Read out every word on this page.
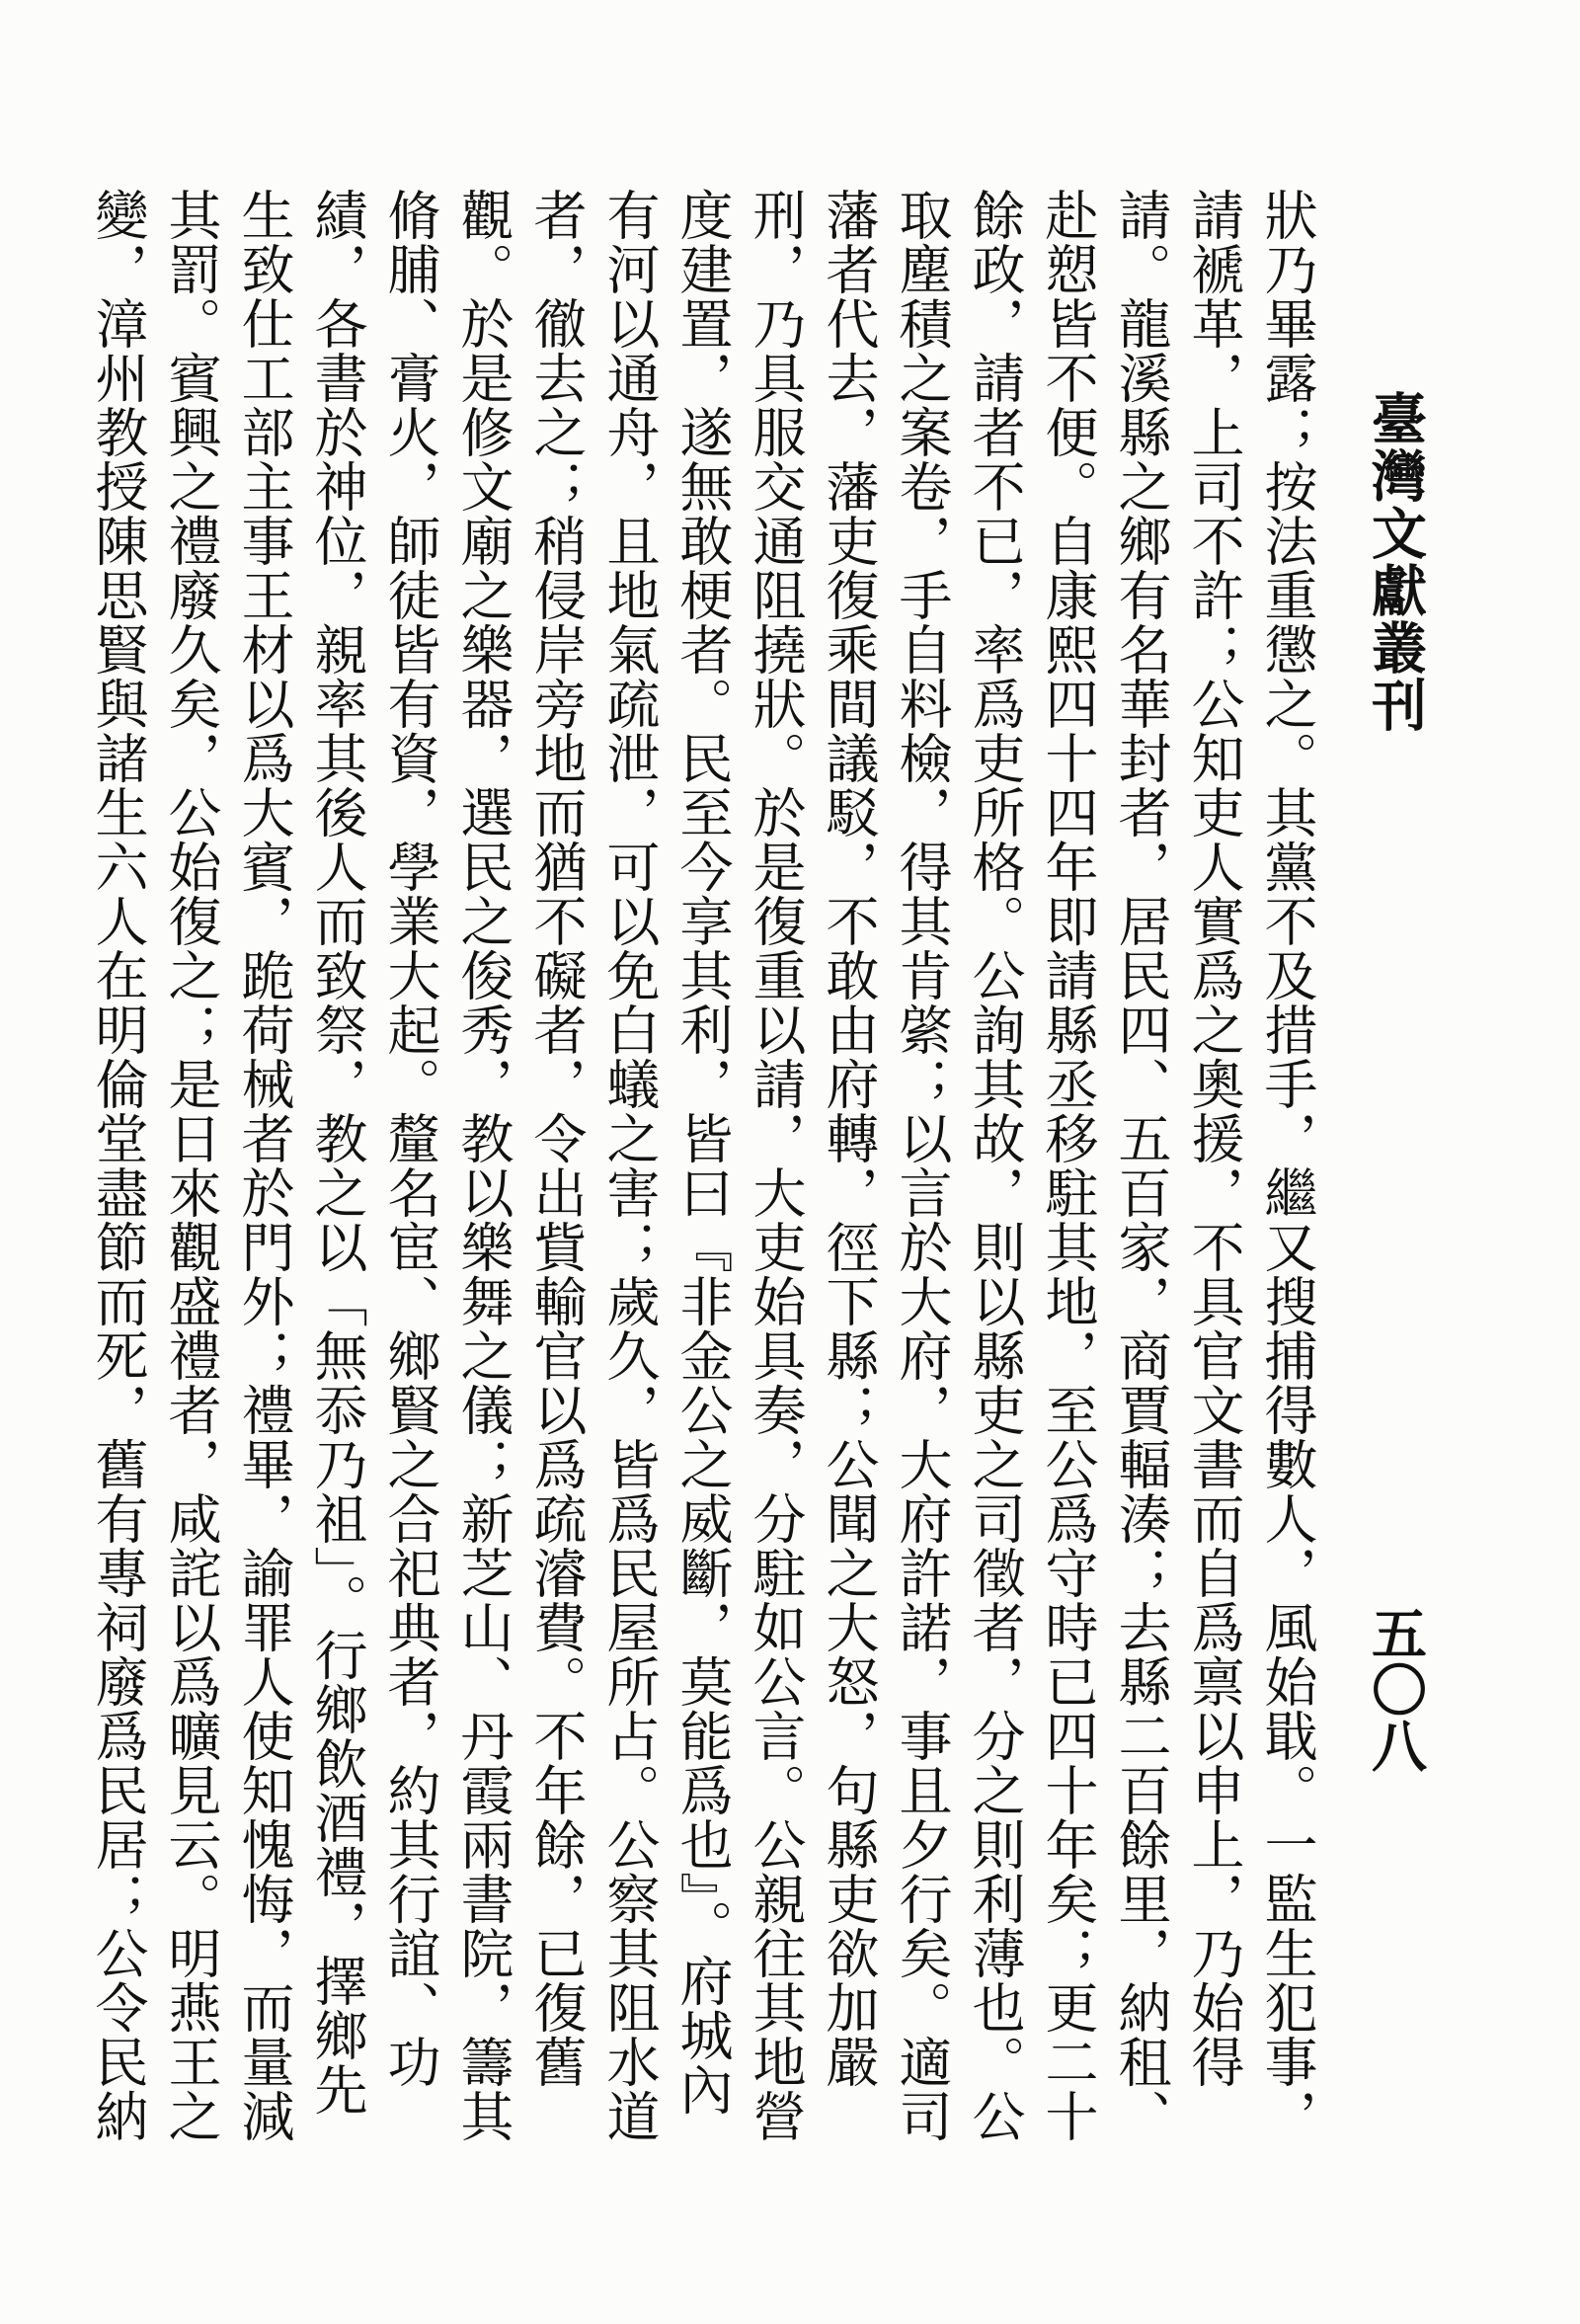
臺灣文獻叢刊
五〇八
狀乃畢露；按法重懲之。其黨不及措手，繼又搜捕得數人，風始戢。一監生犯事，請褫革，上司不許；公知吏人實爲之奧援，不具官文書而自爲禀以申上，乃始得請。龍溪縣之鄉有名華封者，居民四、五百家，商賈輻湊；去縣二百餘里，納租、赴愬皆不便。自康熙四十四年即請縣丞移駐其地，至公爲守時已四十年矣；更二十餘政，請者不已，率爲吏所格。公詢其故，則以縣吏之司徵者，分之則利薄也。公取塵積之案卷，手自料檢，得其肯綮；以言於大府，大府許諾，事且夕行矣。適司藩者代去，藩吏復乘間議駁，不敢由府轉，徑下縣；公聞之大怒，句縣吏欲加嚴刑，乃具服交通阻撓狀。於是復重以請，大吏始具奏，分駐如公言。公親往其地營度建置，遂無敢梗者。民至今享其利，皆曰『非金公之威斷，莫能爲也』。府城內有河以通舟，且地氣疏泄，可以免白蟻之害；歲久，皆爲民屋所占。公察其阻水道者，徹去之；稍侵岸旁地而猶不礙者，令出貲輸官以爲疏濬費。不年餘，已復舊觀。於是修文廟之樂器，選民之俊秀，教以樂舞之儀；新芝山、丹霞兩書院，籌其脩脯、膏火，師徒皆有資，學業大起。釐名宦、鄉賢之合祀典者，約其行誼、功績，各書於神位，親率其後人而致祭，教之以「無忝乃祖」。行鄉飲酒禮，擇鄉先生致仕工部主事王材以爲大賓，跪荷械者於門外；禮畢，諭罪人使知愧悔，而量減其罰。賓興之禮廢久矣，公始復之；是日來觀盛禮者，咸詫以爲曠見云。明燕王之變，漳州教授陳思賢與諸生六人在明倫堂盡節而死，舊有專祠廢爲民居；公令民納
